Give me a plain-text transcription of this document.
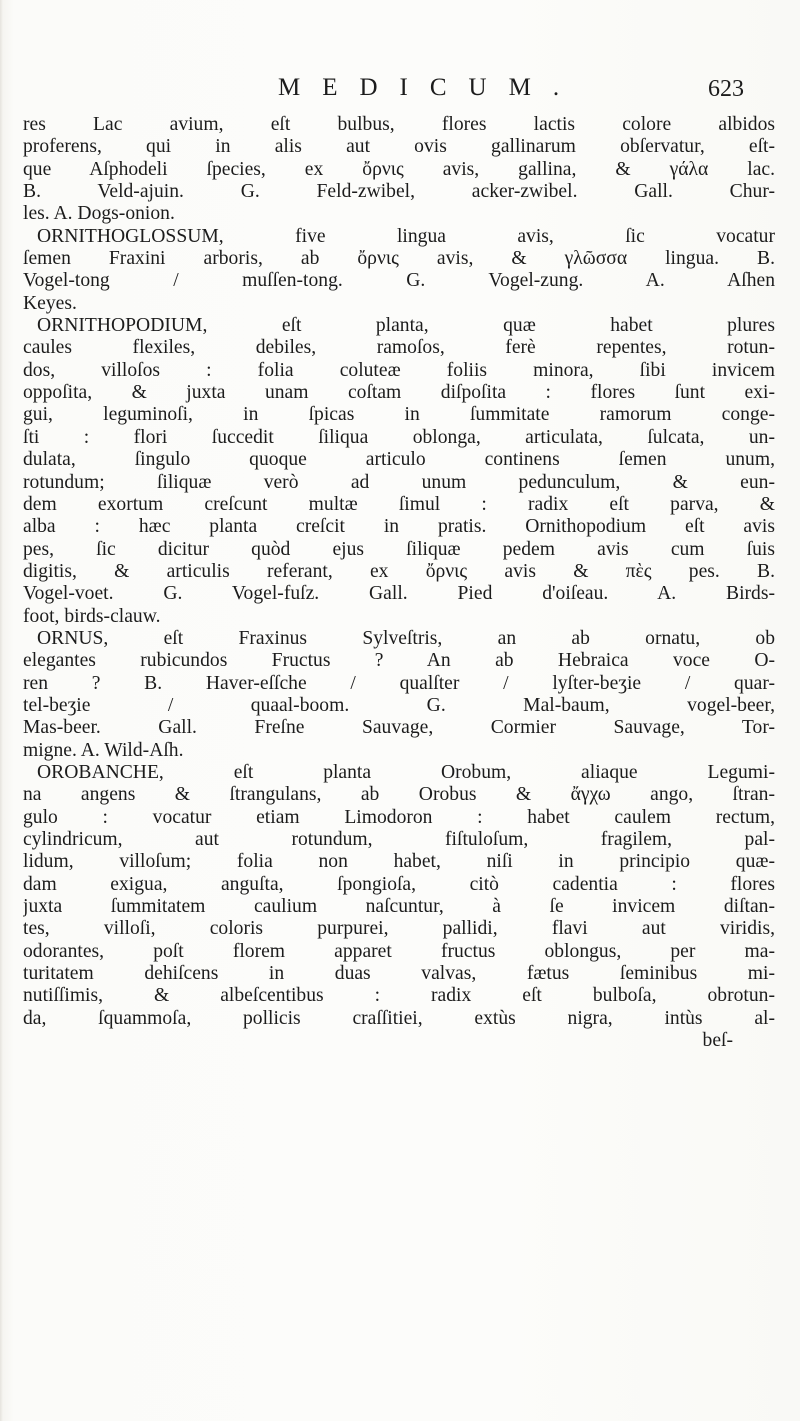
MEDICUM.	623
res Lac avium, eſt bulbus, flores lactis colore albidos
proferens, qui in alis aut ovis gallinarum obſervatur, eſt-
que Aſphodeli ſpecies, ex ὄρνις avis, gallina, & γάλα lac.
B. Veld-ajuin. G. Feld-zwibel, acker-zwibel. Gall. Chur-
les. A. Dogs-onion.
ORNITHOGLOSSUM, five lingua avis, ſic vocatur
ſemen Fraxini arboris, ab ὄρνις avis, & γλῶσσα lingua. B.
Vogel-tong / muſſen-tong. G. Vogel-zung. A. Aſhen
Keyes.
ORNITHOPODIUM, eſt planta, quæ habet plures
caules flexiles, debiles, ramoſos, ferè repentes, rotun-
dos, villoſos : folia coluteæ foliis minora, ſibi invicem
oppoſita, & juxta unam coſtam diſpoſita : flores ſunt exi-
gui, leguminoſi, in ſpicas in ſummitate ramorum conge-
ſti : flori ſuccedit ſiliqua oblonga, articulata, ſulcata, un-
dulata, ſingulo quoque articulo continens ſemen unum,
rotundum; ſiliquæ verò ad unum pedunculum, & eun-
dem exortum creſcunt multæ ſimul : radix eſt parva, &
alba : hæc planta creſcit in pratis. Ornithopodium eſt avis
pes, ſic dicitur quòd ejus ſiliquæ pedem avis cum ſuis
digitis, & articulis referant, ex ὄρνις avis & πὲς pes. B.
Vogel-voet. G. Vogel-fuſz. Gall. Pied d'oiſeau. A. Birds-
foot, birds-clauw.
ORNUS, eſt Fraxinus Sylveſtris, an ab ornatu, ob
elegantes rubicundos Fructus ? An ab Hebraica voce O-
ren ? B. Haver-eſſche / qualſter / lyſter-beʒie / quar-
tel-beʒie / quaal-boom. G. Mal-baum, vogel-beer,
Mas-beer. Gall. Freſne Sauvage, Cormier Sauvage, Tor-
migne. A. Wild-Aſh.
OROBANCHE, eſt planta Orobum, aliaque Legumi-
na angens & ſtrangulans, ab Orobus & ἄγχω ango, ſtran-
gulo : vocatur etiam Limodoron : habet caulem rectum,
cylindricum, aut rotundum, fiſtuloſum, fragilem, pal-
lidum, villoſum; folia non habet, niſi in principio quæ-
dam exigua, anguſta, ſpongioſa, citò cadentia : flores
juxta ſummitatem caulium naſcuntur, à ſe invicem diſtan-
tes, villoſi, coloris purpurei, pallidi, flavi aut viridis,
odorantes, poſt florem apparet fructus oblongus, per ma-
turitatem dehiſcens in duas valvas, fætus ſeminibus mi-
nutiſſimis, & albeſcentibus : radix eſt bulboſa, obrotun-
da, ſquammoſa, pollicis craſſitiei, extùs nigra, intùs al-
beſ-
